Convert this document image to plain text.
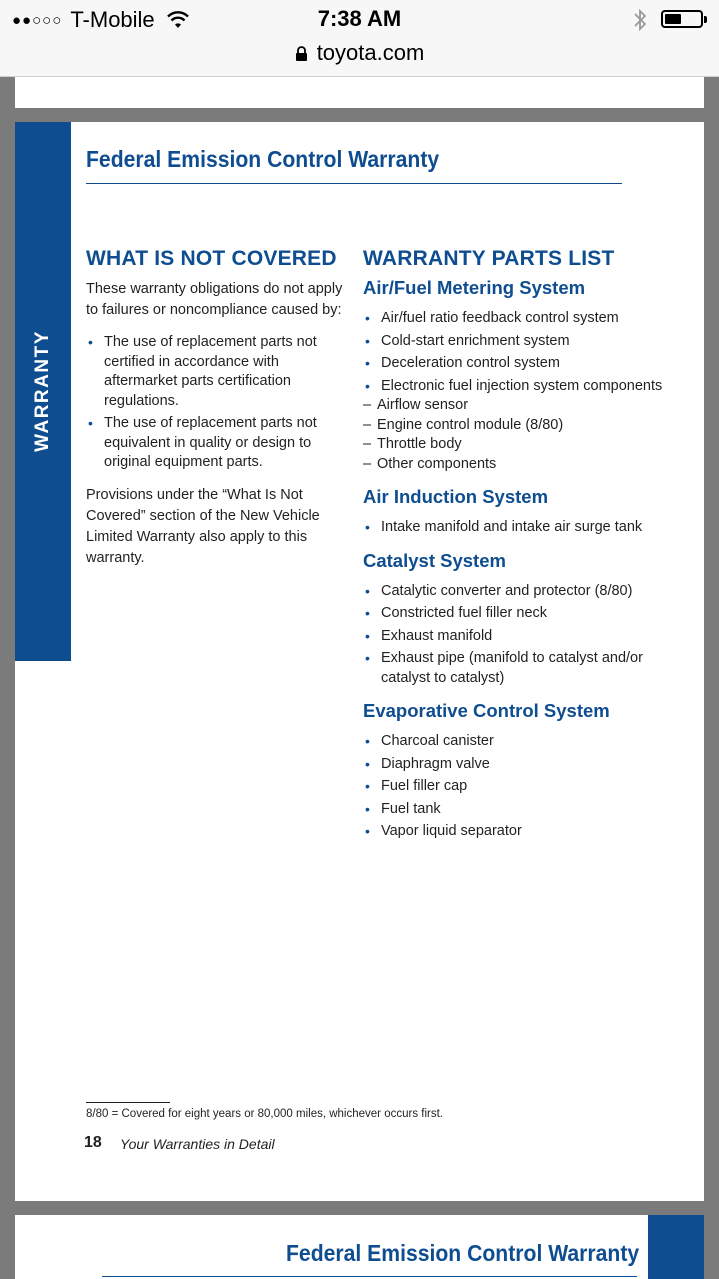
●●○○○ T-Mobile	7:38 AM
toyota.com
WARRANTY
Federal Emission Control Warranty
WHAT IS NOT COVERED
These warranty obligations do not apply to failures or noncompliance caused by:
• The use of replacement parts not certified in accordance with aftermarket parts certification regulations.
• The use of replacement parts not equivalent in quality or design to original equipment parts.
Provisions under the “What Is Not Covered” section of the New Vehicle Limited Warranty also apply to this warranty.
WARRANTY PARTS LIST
Air/Fuel Metering System
• Air/fuel ratio feedback control system
• Cold-start enrichment system
• Deceleration control system
• Electronic fuel injection system components
– Airflow sensor
– Engine control module (8/80)
– Throttle body
– Other components
Air Induction System
• Intake manifold and intake air surge tank
Catalyst System
• Catalytic converter and protector (8/80)
• Constricted fuel filler neck
• Exhaust manifold
• Exhaust pipe (manifold to catalyst and/or catalyst to catalyst)
Evaporative Control System
• Charcoal canister
• Diaphragm valve
• Fuel filler cap
• Fuel tank
• Vapor liquid separator
8/80 = Covered for eight years or 80,000 miles, whichever occurs first.
18 Your Warranties in Detail
Federal Emission Control Warranty
